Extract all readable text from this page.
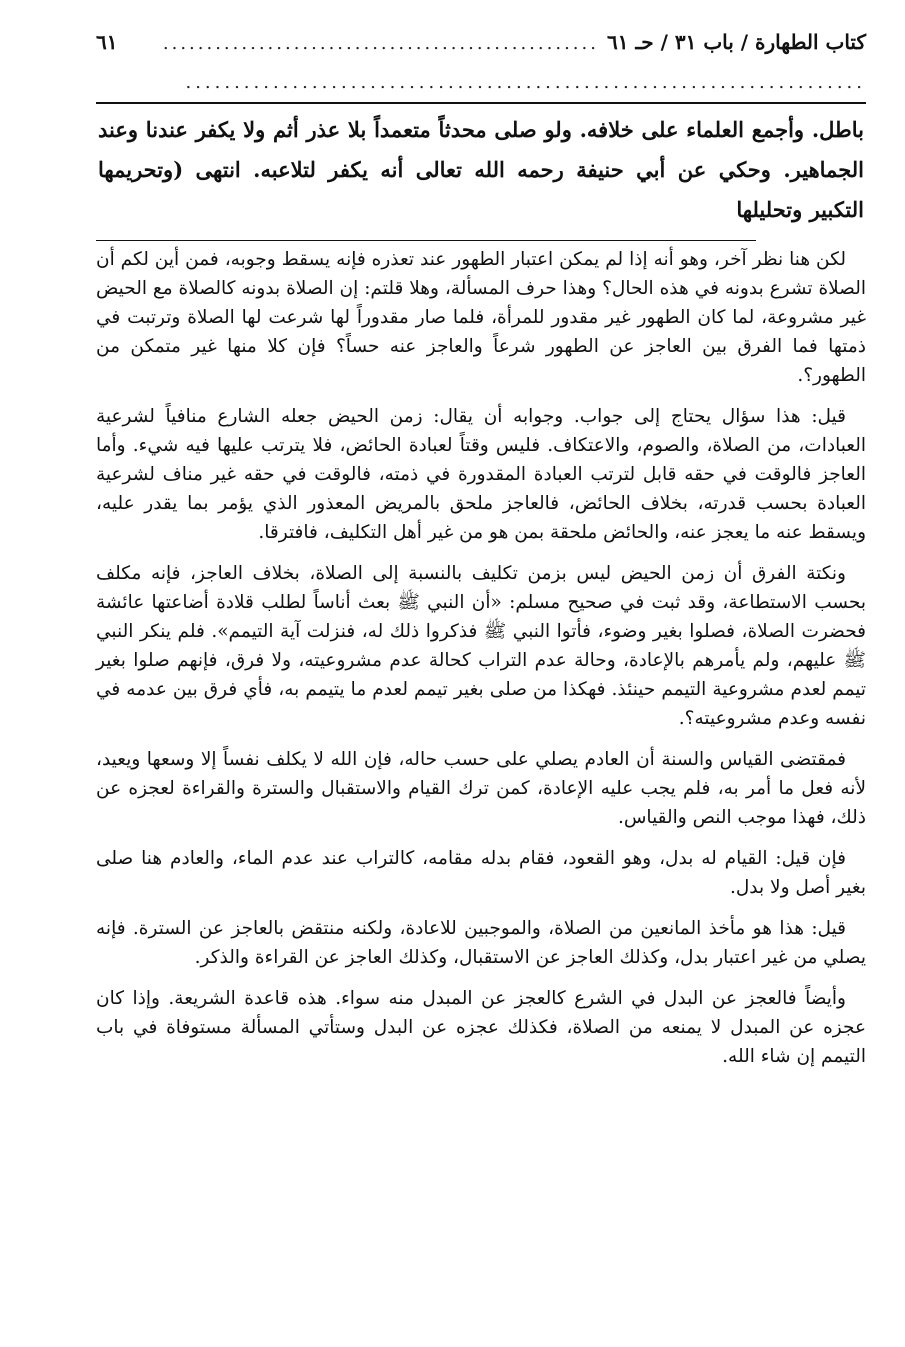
كتاب الطهارة / باب ٣١ / حـ ٦١
..................................................
٦١
......................................................................
باطل. وأجمع العلماء على خلافه. ولو صلى محدثاً متعمداً بلا عذر أثم ولا يكفر عندنا وعند الجماهير. وحكي عن أبي حنيفة رحمه الله تعالى أنه يكفر لتلاعبه. انتهى (وتحريمها التكبير وتحليلها

لكن هنا نظر آخر، وهو أنه إذا لم يمكن اعتبار الطهور عند تعذره فإنه يسقط وجوبه، فمن أين لكم أن الصلاة تشرع بدونه في هذه الحال؟ وهذا حرف المسألة، وهلا قلتم: إن الصلاة بدونه كالصلاة مع الحيض غير مشروعة، لما كان الطهور غير مقدور للمرأة، فلما صار مقدوراً لها شرعت لها الصلاة وترتبت في ذمتها فما الفرق بين العاجز عن الطهور شرعاً والعاجز عنه حساً؟ فإن كلا منها غير متمكن من الطهور؟.

قيل: هذا سؤال يحتاج إلى جواب. وجوابه أن يقال: زمن الحيض جعله الشارع منافياً لشرعية العبادات، من الصلاة، والصوم، والاعتكاف. فليس وقتاً لعبادة الحائض، فلا يترتب عليها فيه شيء. وأما العاجز فالوقت في حقه قابل لترتب العبادة المقدورة في ذمته، فالوقت في حقه غير مناف لشرعية العبادة بحسب قدرته، بخلاف الحائض، فالعاجز ملحق بالمريض المعذور الذي يؤمر بما يقدر عليه، ويسقط عنه ما يعجز عنه، والحائض ملحقة بمن هو من غير أهل التكليف، فافترقا.

ونكتة الفرق أن زمن الحيض ليس بزمن تكليف بالنسبة إلى الصلاة، بخلاف العاجز، فإنه مكلف بحسب الاستطاعة، وقد ثبت في صحيح مسلم: «أن النبي ﷺ بعث أناساً لطلب قلادة أضاعتها عائشة فحضرت الصلاة، فصلوا بغير وضوء، فأتوا النبي ﷺ فذكروا ذلك له، فنزلت آية التيمم». فلم ينكر النبي ﷺ عليهم، ولم يأمرهم بالإعادة، وحالة عدم التراب كحالة عدم مشروعيته، ولا فرق، فإنهم صلوا بغير تيمم لعدم مشروعية التيمم حينئذ. فهكذا من صلى بغير تيمم لعدم ما يتيمم به، فأي فرق بين عدمه في نفسه وعدم مشروعيته؟.

فمقتضى القياس والسنة أن العادم يصلي على حسب حاله، فإن الله لا يكلف نفساً إلا وسعها ويعيد، لأنه فعل ما أمر به، فلم يجب عليه الإعادة، كمن ترك القيام والاستقبال والسترة والقراءة لعجزه عن ذلك، فهذا موجب النص والقياس.

فإن قيل: القيام له بدل، وهو القعود، فقام بدله مقامه، كالتراب عند عدم الماء، والعادم هنا صلى بغير أصل ولا بدل.

قيل: هذا هو مأخذ المانعين من الصلاة، والموجبين للاعادة، ولكنه منتقض بالعاجز عن السترة. فإنه يصلي من غير اعتبار بدل، وكذلك العاجز عن الاستقبال، وكذلك العاجز عن القراءة والذكر.

وأيضاً فالعجز عن البدل في الشرع كالعجز عن المبدل منه سواء. هذه قاعدة الشريعة. وإذا كان عجزه عن المبدل لا يمنعه من الصلاة، فكذلك عجزه عن البدل وستأتي المسألة مستوفاة في باب التيمم إن شاء الله.
